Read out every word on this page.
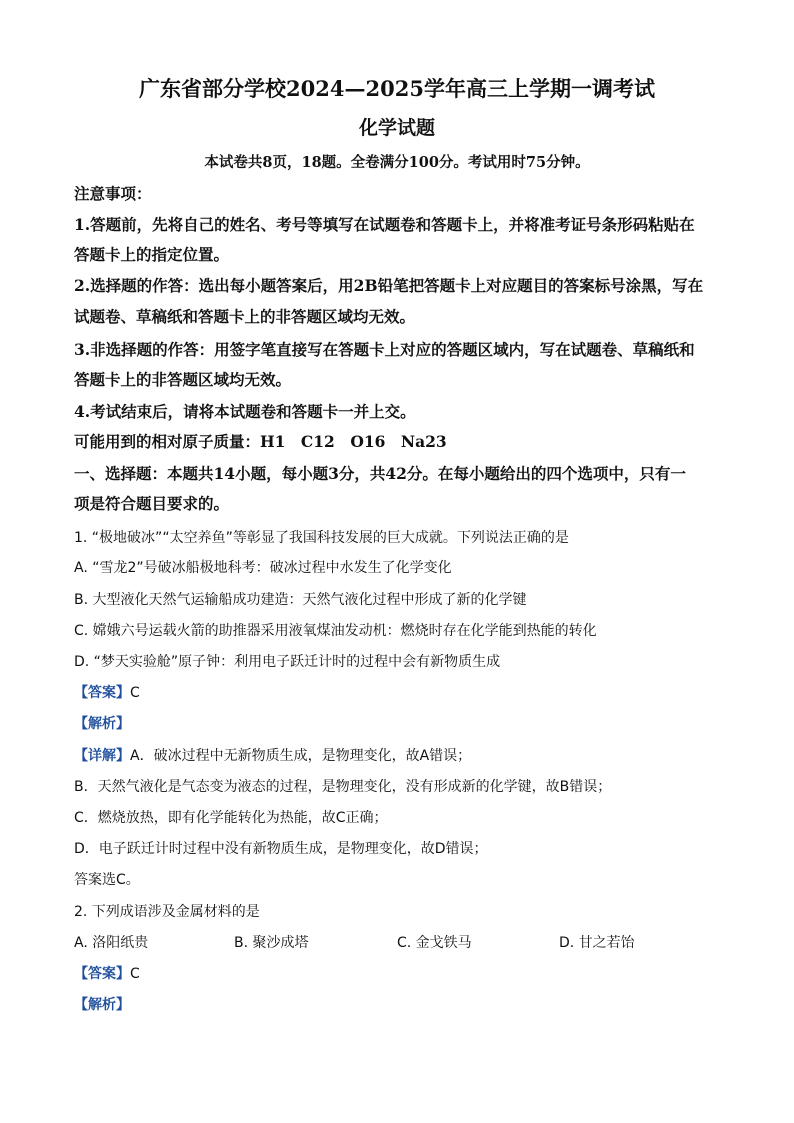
广东省部分学校2024—2025学年高三上学期一调考试
化学试题
本试卷共8页，18题。全卷满分100分。考试用时75分钟。
注意事项：
1.答题前，先将自己的姓名、考号等填写在试题卷和答题卡上，并将准考证号条形码粘贴在
答题卡上的指定位置。
2.选择题的作答：选出每小题答案后，用2B铅笔把答题卡上对应题目的答案标号涂黑，写在
试题卷、草稿纸和答题卡上的非答题区域均无效。
3.非选择题的作答：用签字笔直接写在答题卡上对应的答题区域内，写在试题卷、草稿纸和
答题卡上的非答题区域均无效。
4.考试结束后，请将本试题卷和答题卡一并上交。
可能用到的相对原子质量：H1　C12　O16　Na23
一、选择题：本题共14小题，每小题3分，共42分。在每小题给出的四个选项中，只有一
项是符合题目要求的。
1. “极地破冰”“太空养鱼”等彰显了我国科技发展的巨大成就。下列说法正确的是
A. “雪龙2”号破冰船极地科考：破冰过程中水发生了化学变化
B. 大型液化天然气运输船成功建造：天然气液化过程中形成了新的化学键
C. 嫦娥六号运载火箭的助推器采用液氧煤油发动机：燃烧时存在化学能到热能的转化
D. “梦天实验舱”原子钟：利用电子跃迁计时的过程中会有新物质生成
【答案】C
【解析】
【详解】A．破冰过程中无新物质生成，是物理变化，故A错误；
B．天然气液化是气态变为液态的过程，是物理变化，没有形成新的化学键，故B错误；
C．燃烧放热，即有化学能转化为热能，故C正确；
D．电子跃迁计时过程中没有新物质生成，是物理变化，故D错误；
答案选C。
2. 下列成语涉及金属材料的是
A. 洛阳纸贵	B. 聚沙成塔	C. 金戈铁马	D. 甘之若饴
【答案】C
【解析】
